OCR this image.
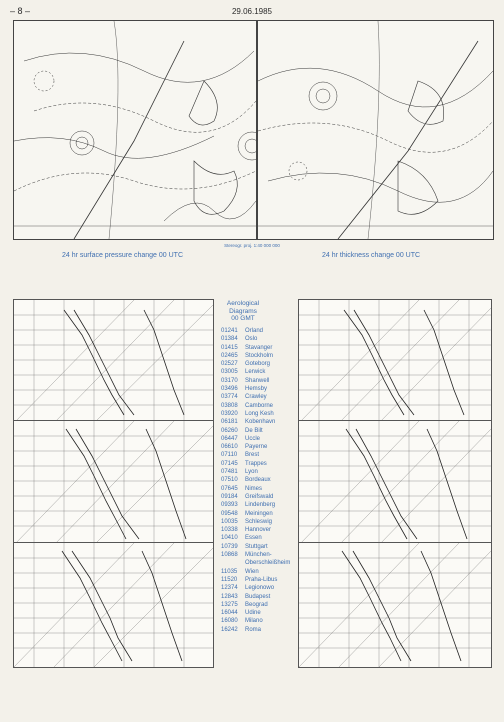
– 8 –	29.06.1985
Stereogr. proj. 1:40 000 000
24 hr surface pressure change 00 UTC	24 hr thickness change 00 UTC
Aerological
Diagrams
00 GMT
01241	Orland
01384	Oslo
01415	Stavanger
02465	Stockholm
02527	Goteborg
03005	Lerwick
03170	Shanwell
03496	Hemsby
03774	Crawley
03808	Camborne
03920	Long Kesh
06181	Kobenhavn
06260	De Bilt
06447	Uccle
06610	Payerne
07110	Brest
07145	Trappes
07481	Lyon
07510	Bordeaux
07645	Nimes
09184	Greifswald
09393	Lindenberg
09548	Meiningen
10035	Schleswig
10338	Hannover
10410	Essen
10739	Stuttgart
10868	München-
Oberschleißheim
11035	Wien
11520	Praha-Libus
12374	Legionowo
12843	Budapest
13275	Beograd
16044	Udine
16080	Milano
16242	Roma
